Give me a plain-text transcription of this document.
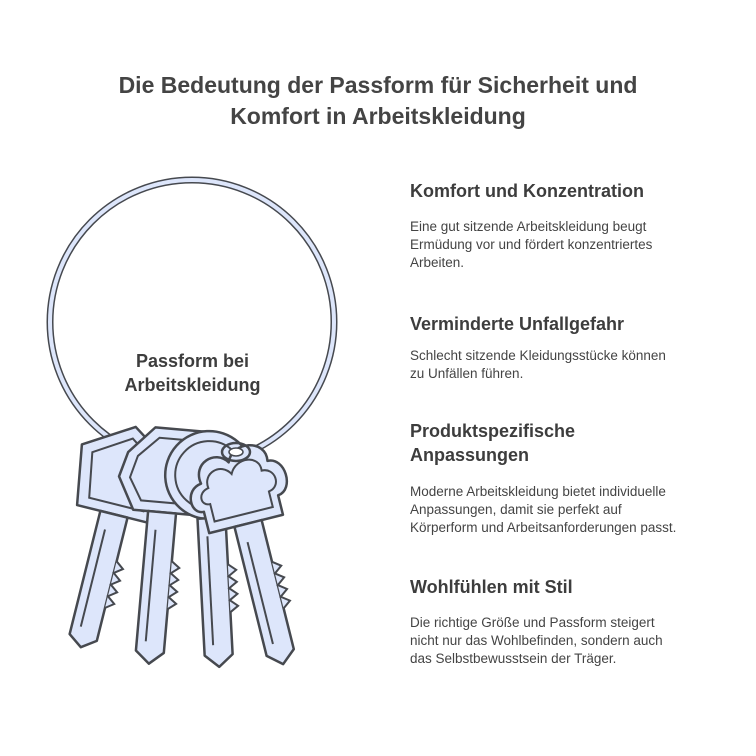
Die Bedeutung der Passform für Sicherheit und
Komfort in Arbeitskleidung
Passform bei
Arbeitskleidung
Komfort und Konzentration

Eine gut sitzende Arbeitskleidung beugt
Ermüdung vor und fördert konzentriertes
Arbeiten.

Verminderte Unfallgefahr

Schlecht sitzende Kleidungsstücke können
zu Unfällen führen.

Produktspezifische
Anpassungen

Moderne Arbeitskleidung bietet individuelle
Anpassungen, damit sie perfekt auf
Körperform und Arbeitsanforderungen passt.

Wohlfühlen mit Stil

Die richtige Größe und Passform steigert
nicht nur das Wohlbefinden, sondern auch
das Selbstbewusstsein der Träger.
